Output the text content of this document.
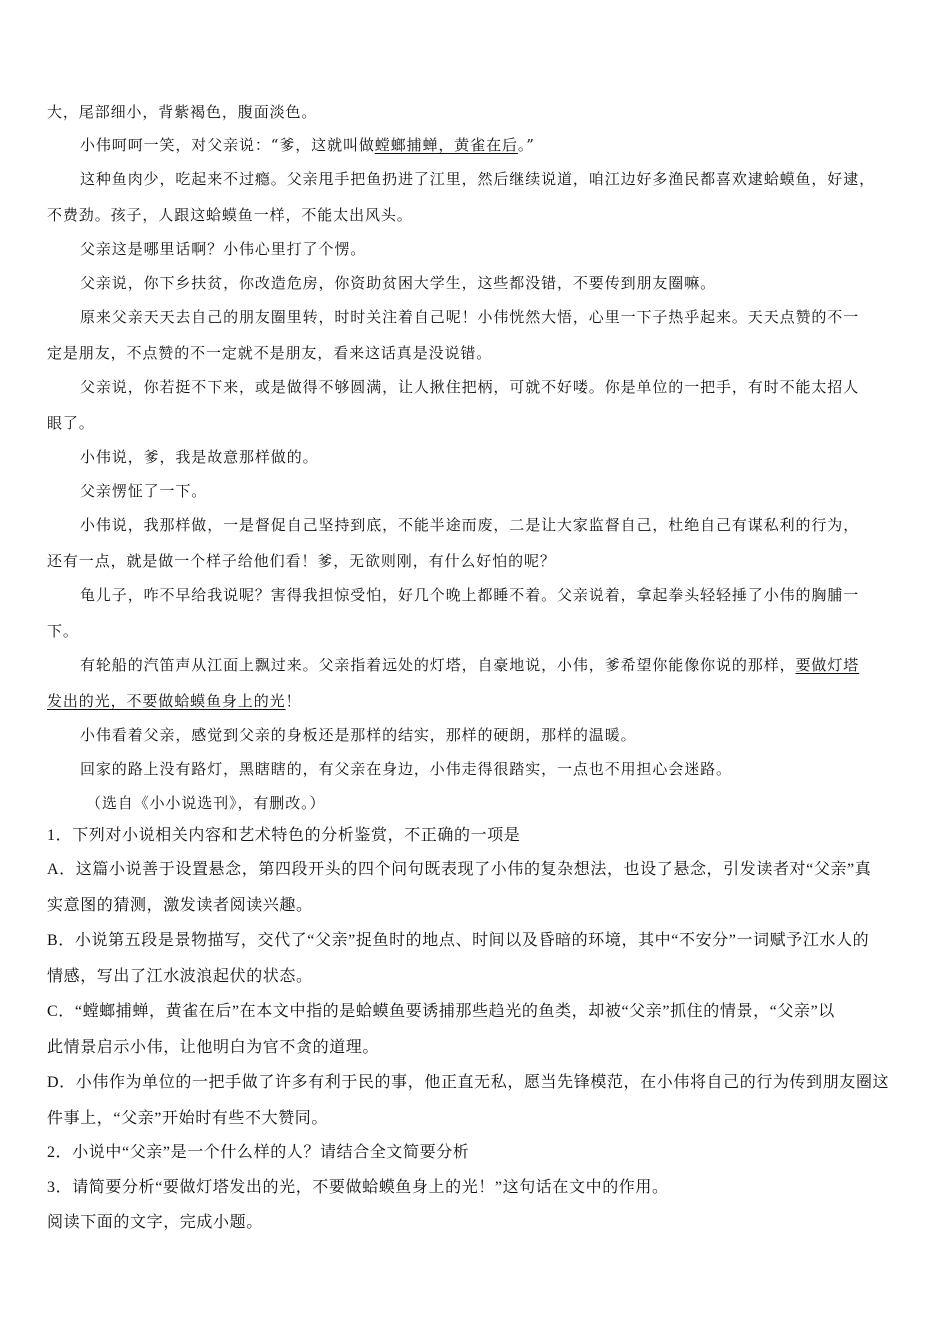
大，尾部细小，背紫褐色，腹面淡色。
小伟呵呵一笑，对父亲说：“爹，这就叫做螳螂捕蝉，黄雀在后。”
这种鱼肉少，吃起来不过瘾。父亲甩手把鱼扔进了江里，然后继续说道，咱江边好多渔民都喜欢逮蛤蟆鱼，好逮，
不费劲。孩子，人跟这蛤蟆鱼一样，不能太出风头。
父亲这是哪里话啊？小伟心里打了个愣。
父亲说，你下乡扶贫，你改造危房，你资助贫困大学生，这些都没错，不要传到朋友圈嘛。
原来父亲天天去自己的朋友圈里转，时时关注着自己呢！小伟恍然大悟，心里一下子热乎起来。天天点赞的不一
定是朋友，不点赞的不一定就不是朋友，看来这话真是没说错。
父亲说，你若挺不下来，或是做得不够圆满，让人揪住把柄，可就不好喽。你是单位的一把手，有时不能太招人
眼了。
小伟说，爹，我是故意那样做的。
父亲愣怔了一下。
小伟说，我那样做，一是督促自己坚持到底，不能半途而废，二是让大家监督自己，杜绝自己有谋私利的行为，
还有一点，就是做一个样子给他们看！爹，无欲则刚，有什么好怕的呢？
龟儿子，咋不早给我说呢？害得我担惊受怕，好几个晚上都睡不着。父亲说着，拿起拳头轻轻捶了小伟的胸脯一
下。
有轮船的汽笛声从江面上飘过来。父亲指着远处的灯塔，自豪地说，小伟，爹希望你能像你说的那样，要做灯塔
发出的光，不要做蛤蟆鱼身上的光！
小伟看着父亲，感觉到父亲的身板还是那样的结实，那样的硬朗，那样的温暖。
回家的路上没有路灯，黑瞎瞎的，有父亲在身边，小伟走得很踏实，一点也不用担心会迷路。
（选自《小小说选刊》，有删改。）
1．下列对小说相关内容和艺术特色的分析鉴赏，不正确的一项是
A．这篇小说善于设置悬念，第四段开头的四个问句既表现了小伟的复杂想法，也设了悬念，引发读者对“父亲”真
实意图的猜测，激发读者阅读兴趣。
B．小说第五段是景物描写，交代了“父亲”捉鱼时的地点、时间以及昏暗的环境，其中“不安分”一词赋予江水人的
情感，写出了江水波浪起伏的状态。
C．“螳螂捕蝉，黄雀在后”在本文中指的是蛤蟆鱼要诱捕那些趋光的鱼类，却被“父亲”抓住的情景，“父亲”以
此情景启示小伟，让他明白为官不贪的道理。
D．小伟作为单位的一把手做了许多有利于民的事，他正直无私，愿当先锋模范，在小伟将自己的行为传到朋友圈这
件事上，“父亲”开始时有些不大赞同。
2．小说中“父亲”是一个什么样的人？请结合全文简要分析
3．请简要分析“要做灯塔发出的光，不要做蛤蟆鱼身上的光！”这句话在文中的作用。
阅读下面的文字，完成小题。
